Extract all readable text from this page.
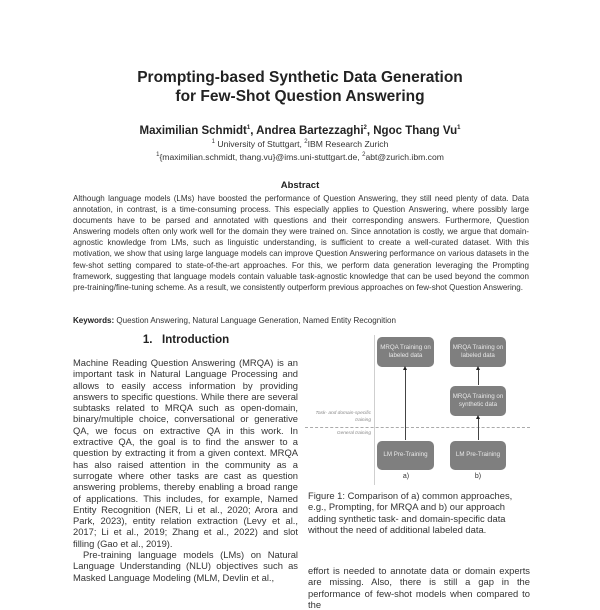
Prompting-based Synthetic Data Generation
for Few-Shot Question Answering
Maximilian Schmidt$^1$, Andrea Bartezzaghi$^2$, Ngoc Thang Vu$^1$
$^1$ University of Stuttgart, $^2$IBM Research Zurich
$^1${maximilian.schmidt, thang.vu}@ims.uni-stuttgart.de, $^2$abt@zurich.ibm.com
Abstract
Although language models (LMs) have boosted the performance of Question Answering, they still need plenty of data. Data annotation, in contrast, is a time-consuming process. This especially applies to Question Answering, where possibly large documents have to be parsed and annotated with questions and their corresponding answers. Furthermore, Question Answering models often only work well for the domain they were trained on. Since annotation is costly, we argue that domain-agnostic knowledge from LMs, such as linguistic understanding, is sufficient to create a well-curated dataset. With this motivation, we show that using large language models can improve Question Answering performance on various datasets in the few-shot setting compared to state-of-the-art approaches. For this, we perform data generation leveraging the Prompting framework, suggesting that language models contain valuable task-agnostic knowledge that can be used beyond the common pre-training/fine-tuning scheme. As a result, we consistently outperform previous approaches on few-shot Question Answering.
Keywords: Question Answering, Natural Language Generation, Named Entity Recognition
1. Introduction

Machine Reading Question Answering (MRQA) is an important task in Natural Language Processing and allows to easily access information by providing answers to specific questions. While there are several subtasks related to MRQA such as open-domain, binary/multiple choice, conversational or generative QA, we focus on extractive QA in this work. In extractive QA, the goal is to find the answer to a question by extracting it from a given context. MRQA has also raised attention in the community as a surrogate where other tasks are cast as question answering problems, thereby enabling a broad range of applications. This includes, for example, Named Entity Recognition (NER, Li et al., 2020; Arora and Park, 2023), entity relation extraction (Levy et al., 2017; Li et al., 2019; Zhang et al., 2022) and slot filling (Gao et al., 2019).

Pre-training language models (LMs) on Natural Language Understanding (NLU) objectives such as Masked Language Modeling (MLM, Devlin et al.,

Task- and domain-specific training
General training
MRQA Training on labeled data
LM Pre-Training
a)
MRQA Training on labeled data
MRQA Training on synthetic data
LM Pre-Training
b)
Figure 1: Comparison of a) common approaches, e.g., Prompting, for MRQA and b) our approach adding synthetic task- and domain-specific data without the need of additional labeled data.
effort is needed to annotate data or domain experts are missing. Also, there is still a gap in the performance of few-shot models when compared to the
